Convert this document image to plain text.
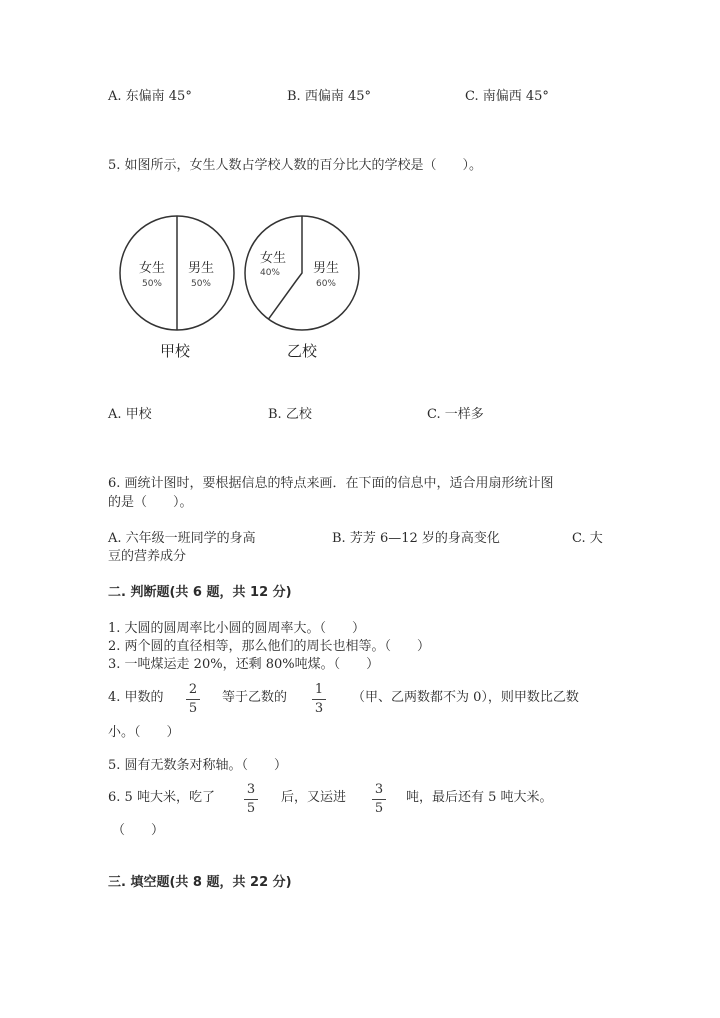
A. 东偏南 45°	B. 西偏南 45°	C. 南偏西 45°
5. 如图所示，女生人数占学校人数的百分比大的学校是（　　）。
女生
50%
男生
50%
甲校
女生
40%	男生
60%
乙校
A. 甲校	B. 乙校	C. 一样多
6. 画统计图时，要根据信息的特点来画．在下面的信息中，适合用扇形统计图
的是（　　）。
A. 六年级一班同学的身高	B. 芳芳 6—12 岁的身高变化	C. 大
豆的营养成分
二. 判断题(共 6 题，共 12 分)
1. 大圆的圆周率比小圆的圆周率大。（　　）
2. 两个圆的直径相等，那么他们的周长也相等。（　　）
3. 一吨煤运走 20%，还剩 80%吨煤。（　　）
4. 甲数的
2
5
等于乙数的
1
3
（甲、乙两数都不为 0），则甲数比乙数
小。（　　）
5. 圆有无数条对称轴。（　　）
6. 5 吨大米，吃了
3
5
后，又运进
3
5
吨，最后还有 5 吨大米。
（　　）
三. 填空题(共 8 题，共 22 分)
